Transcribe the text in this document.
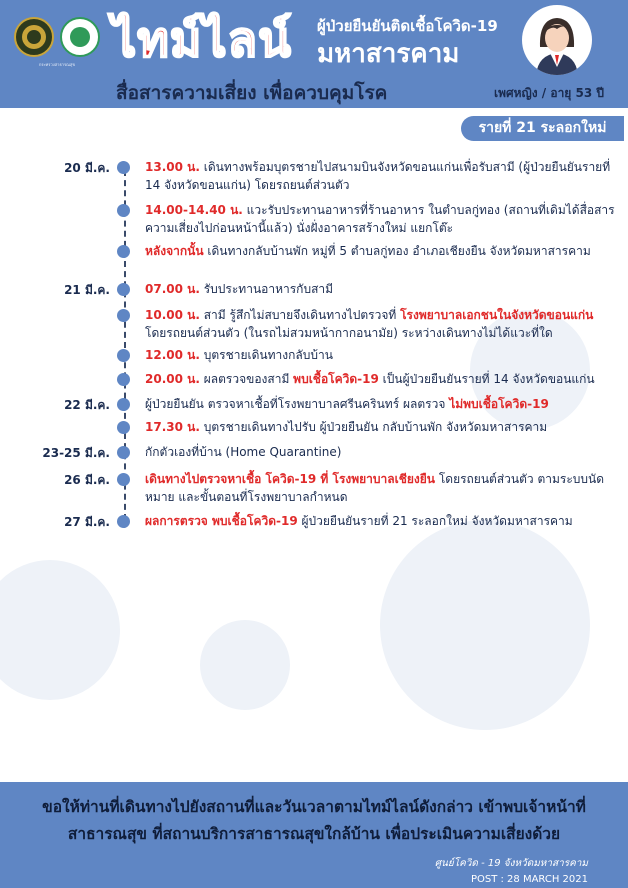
กระทรวงสาธารณสุข ไทม์ไลน์ ผู้ป่วยยืนยันติดเชื้อโควิด-19
มหาสารคาม
สื่อสารความเสี่ยง เพื่อควบคุมโรค	เพศหญิง / อายุ 53 ปี
รายที่ 21 ระลอกใหม่
20 มี.ค.	13.00 น. เดินทางพร้อมบุตรชายไปสนามบินจังหวัดขอนแก่นเพื่อรับสามี (ผู้ป่วยยืนยันรายที่ 14 จังหวัดขอนแก่น) โดยรถยนต์ส่วนตัว
14.00-14.40 น. แวะรับประทานอาหารที่ร้านอาหาร ในตำบลกู่ทอง (สถานที่เดิมได้สื่อสารความเสี่ยงไปก่อนหน้านี้แล้ว) นั่งฝั่งอาคารสร้างใหม่ แยกโต๊ะ
หลังจากนั้น เดินทางกลับบ้านพัก หมู่ที่ 5 ตำบลกู่ทอง อำเภอเชียงยืน จังหวัดมหาสารคาม
21 มี.ค.	07.00 น. รับประทานอาหารกับสามี
10.00 น. สามี รู้สึกไม่สบายจึงเดินทางไปตรวจที่ โรงพยาบาลเอกชนในจังหวัดขอนแก่น โดยรถยนต์ส่วนตัว (ในรถไม่สวมหน้ากากอนามัย) ระหว่างเดินทางไม่ได้แวะที่ใด
12.00 น. บุตรชายเดินทางกลับบ้าน
20.00 น. ผลตรวจของสามี พบเชื้อโควิด-19 เป็นผู้ป่วยยืนยันรายที่ 14 จังหวัดขอนแก่น
22 มี.ค.	ผู้ป่วยยืนยัน ตรวจหาเชื้อที่โรงพยาบาลศรีนครินทร์ ผลตรวจ ไม่พบเชื้อโควิด-19
17.30 น. บุตรชายเดินทางไปรับ ผู้ป่วยยืนยัน กลับบ้านพัก จังหวัดมหาสารคาม
23-25 มี.ค.	กักตัวเองที่บ้าน (Home Quarantine)
26 มี.ค.	เดินทางไปตรวจหาเชื้อ โควิด-19 ที่ โรงพยาบาลเชียงยืน โดยรถยนต์ส่วนตัว ตามระบบนัดหมาย และขั้นตอนที่โรงพยาบาลกำหนด
27 มี.ค.	ผลการตรวจ พบเชื้อโควิด-19 ผู้ป่วยยืนยันรายที่ 21 ระลอกใหม่ จังหวัดมหาสารคาม
ขอให้ท่านที่เดินทางไปยังสถานที่และวันเวลาตามไทม์ไลน์ดังกล่าว เข้าพบเจ้าหน้าที่
สาธารณสุข ที่สถานบริการสาธารณสุขใกล้บ้าน เพื่อประเมินความเสี่ยงด้วย
ศูนย์โควิด - 19 จังหวัดมหาสารคาม
POST : 28 MARCH 2021
